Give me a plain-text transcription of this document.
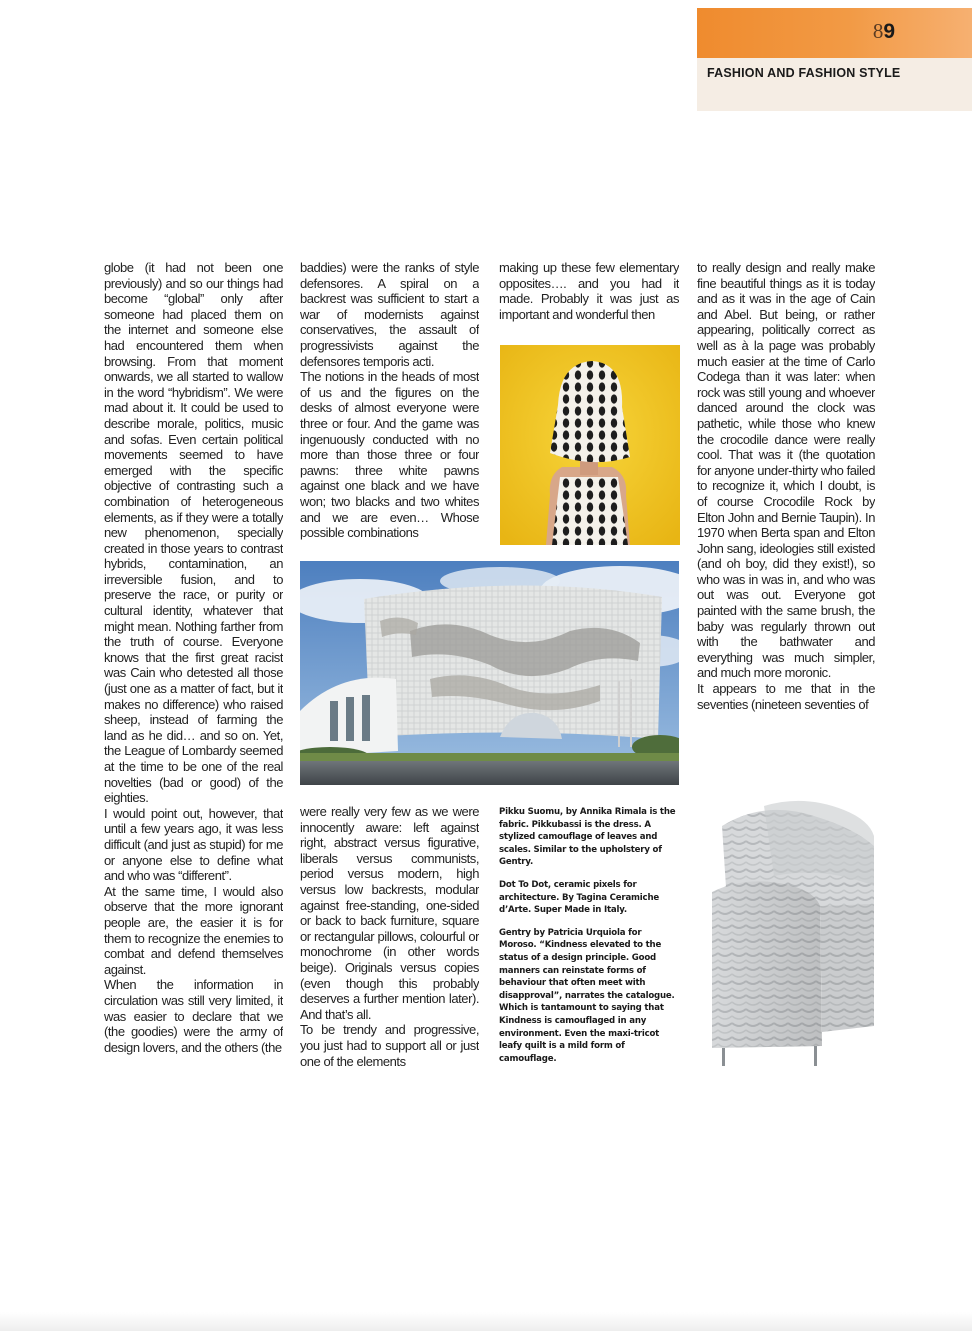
89
FASHION AND FASHION STYLE

globe (it had not been one previously) and so our things had become “global” only after someone had placed them on the internet and someone else had encountered them when browsing. From that moment onwards, we all started to wallow in the word “hybridism”. We were mad about it. It could be used to describe morale, politics, music and sofas. Even certain political movements seemed to have emerged with the specific objective of contrasting such a combination of heterogeneous elements, as if they were a totally new phenomenon, specially created in those years to contrast hybrids, contamination, an irreversible fusion, and to preserve the race, or purity or cultural identity, whatever that might mean. Nothing farther from the truth of course. Everyone knows that the first great racist was Cain who detested all those (just one as a matter of fact, but it makes no difference) who raised sheep, instead of farming the land as he did… and so on. Yet, the League of Lombardy seemed at the time to be one of the real novelties (bad or good) of the eighties.

I would point out, however, that until a few years ago, it was less difficult (and just as stupid) for me or anyone else to define what and who was “different”.

At the same time, I would also observe that the more ignorant people are, the easier it is for them to recognize the enemies to combat and defend themselves against.

When the information in circulation was still very limited, it was easier to declare that we (the goodies) were the army of design lovers, and the others (the

baddies) were the ranks of style defensores. A spiral on a backrest was sufficient to start a war of modernists against conservatives, the assault of progressivists against the defensores temporis acti.

The notions in the heads of most of us and the figures on the desks of almost everyone were three or four. And the game was ingenuously conducted with no more than those three or four pawns: three white pawns against one black and we have won; two blacks and two whites and we are even… Whose possible combinations

making up these few elementary opposites…. and you had it made. Probably it was just as important and wonderful then

to really design and really make fine beautiful things as it is today and as it was in the age of Cain and Abel. But being, or rather appearing, politically correct as well as à la page was probably much easier at the time of Carlo Codega than it was later: when rock was still young and whoever danced around the clock was pathetic, while those who knew the crocodile dance were really cool. That was it (the quotation for anyone under-thirty who failed to recognize it, which I doubt, is of course Crocodile Rock by Elton John and Bernie Taupin). In 1970 when Berta span and Elton John sang, ideologies still existed (and oh boy, did they exist!), so who was in was in, and who was out was out. Everyone got painted with the same brush, the baby was regularly thrown out with the bathwater and everything was much simpler, and much more moronic.

It appears to me that in the seventies (nineteen seventies of

were really very few as we were innocently aware: left against right, abstract versus figurative, liberals versus communists, period versus modern, high versus low backrests, modular against free-standing, one-sided or back to back furniture, square or rectangular pillows, colourful or monochrome (in other words beige). Originals versus copies (even though this probably deserves a further mention later). And that’s all.

To be trendy and progressive, you just had to support all or just one of the elements

Pikku Suomu, by Annika Rimala is the fabric. Pikkubassi is the dress. A stylized camouflage of leaves and scales. Similar to the upholstery of Gentry.

Dot To Dot, ceramic pixels for architecture. By Tagina Ceramiche d’Arte. Super Made in Italy.

Gentry by Patricia Urquiola for Moroso. “Kindness elevated to the status of a design principle. Good manners can reinstate forms of behaviour that often meet with disapproval”, narrates the catalogue. Which is tantamount to saying that Kindness is camouflaged in any environment. Even the maxi-tricot leafy quilt is a mild form of camouflage.
